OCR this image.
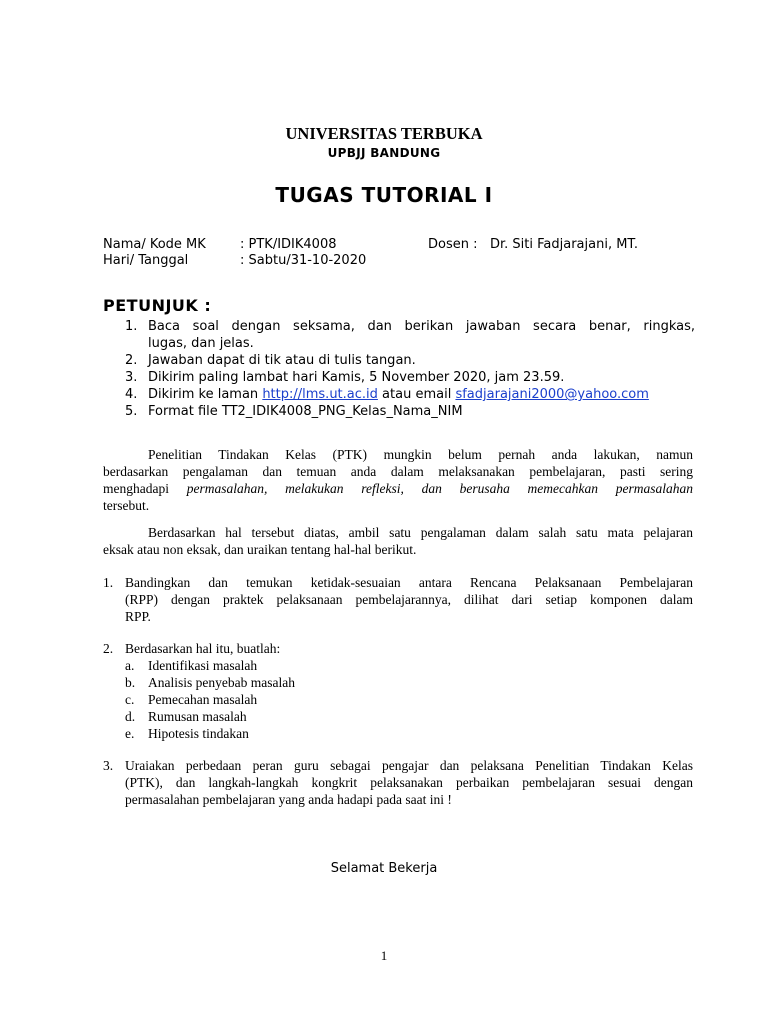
UNIVERSITAS TERBUKA
UPBJJ BANDUNG
TUGAS TUTORIAL I
Nama/ Kode MK	: PTK/IDIK4008	Dosen : Dr. Siti Fadjarajani, MT.
Hari/ Tanggal	: Sabtu/31-10-2020
PETUNJUK :
1. Baca soal dengan seksama, dan berikan jawaban secara benar, ringkas,
lugas, dan jelas.
2. Jawaban dapat di tik atau di tulis tangan.
3. Dikirim paling lambat hari Kamis, 5 November 2020, jam 23.59.
4. Dikirim ke laman http://lms.ut.ac.id atau email sfadjarajani2000@yahoo.com
5. Format file TT2_IDIK4008_PNG_Kelas_Nama_NIM
Penelitian Tindakan Kelas (PTK) mungkin belum pernah anda lakukan, namun
berdasarkan pengalaman dan temuan anda dalam melaksanakan pembelajaran, pasti sering
menghadapi permasalahan, melakukan refleksi, dan berusaha memecahkan permasalahan
tersebut.
Berdasarkan hal tersebut diatas, ambil satu pengalaman dalam salah satu mata pelajaran
eksak atau non eksak, dan uraikan tentang hal-hal berikut.
1. Bandingkan dan temukan ketidak-sesuaian antara Rencana Pelaksanaan Pembelajaran
(RPP) dengan praktek pelaksanaan pembelajarannya, dilihat dari setiap komponen dalam
RPP.
2. Berdasarkan hal itu, buatlah:
a. Identifikasi masalah
b. Analisis penyebab masalah
c. Pemecahan masalah
d. Rumusan masalah
e. Hipotesis tindakan
3. Uraiakan perbedaan peran guru sebagai pengajar dan pelaksana Penelitian Tindakan Kelas
(PTK), dan langkah-langkah kongkrit pelaksanakan perbaikan pembelajaran sesuai dengan
permasalahan pembelajaran yang anda hadapi pada saat ini !
Selamat Bekerja
1
